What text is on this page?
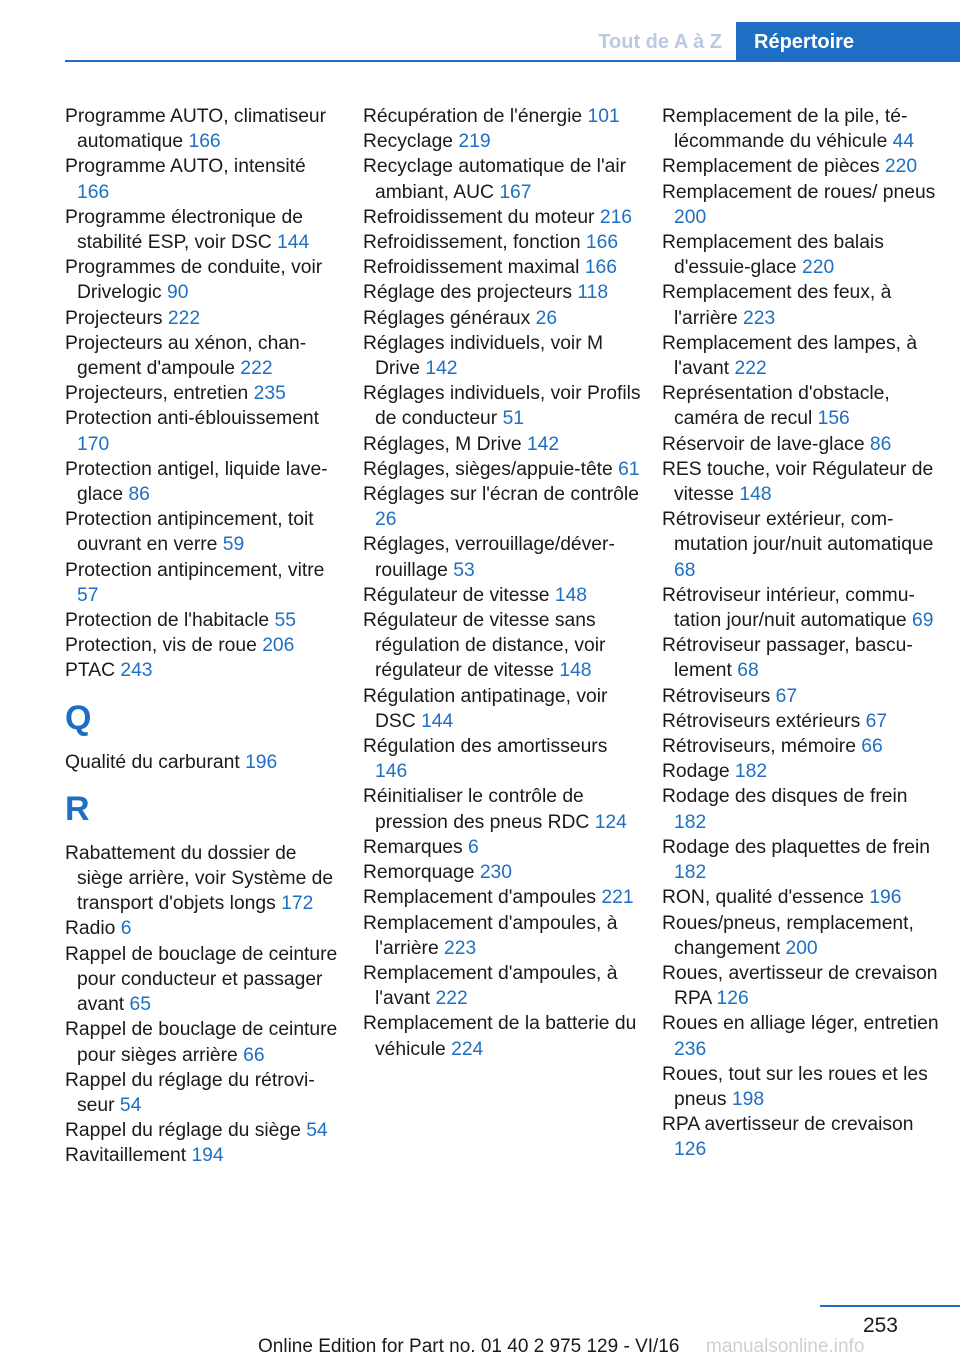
Tout de A à Z	Répertoire
Programme AUTO, climatiseur automatique 166
Programme AUTO, intensité 166
Programme électronique de stabilité ESP, voir DSC 144
Programmes de conduite, voir Drivelogic 90
Projecteurs 222
Projecteurs au xénon, changement d'ampoule 222
Projecteurs, entretien 235
Protection anti-éblouissement 170
Protection antigel, liquide lave-glace 86
Protection antipincement, toit ouvrant en verre 59
Protection antipincement, vitre 57
Protection de l'habitacle 55
Protection, vis de roue 206
PTAC 243
Q
Qualité du carburant 196
R
Rabattement du dossier de siège arrière, voir Système de transport d'objets longs 172
Radio 6
Rappel de bouclage de ceinture pour conducteur et passager avant 65
Rappel de bouclage de ceinture pour sièges arrière 66
Rappel du réglage du rétroviseur 54
Rappel du réglage du siège 54
Ravitaillement 194
Récupération de l'énergie 101
Recyclage 219
Recyclage automatique de l'air ambiant, AUC 167
Refroidissement du moteur 216
Refroidissement, fonction 166
Refroidissement maximal 166
Réglage des projecteurs 118
Réglages généraux 26
Réglages individuels, voir M Drive 142
Réglages individuels, voir Profils de conducteur 51
Réglages, M Drive 142
Réglages, sièges/appuie-tête 61
Réglages sur l'écran de contrôle 26
Réglages, verrouillage/déverrouillage 53
Régulateur de vitesse 148
Régulateur de vitesse sans régulation de distance, voir régulateur de vitesse 148
Régulation antipatinage, voir DSC 144
Régulation des amortisseurs 146
Réinitialiser le contrôle de pression des pneus RDC 124
Remarques 6
Remorquage 230
Remplacement d'ampoules 221
Remplacement d'ampoules, à l'arrière 223
Remplacement d'ampoules, à l'avant 222
Remplacement de la batterie du véhicule 224
Remplacement de la pile, télécommande du véhicule 44
Remplacement de pièces 220
Remplacement de roues/ pneus 200
Remplacement des balais d'essuie-glace 220
Remplacement des feux, à l'arrière 223
Remplacement des lampes, à l'avant 222
Représentation d'obstacle, caméra de recul 156
Réservoir de lave-glace 86
RES touche, voir Régulateur de vitesse 148
Rétroviseur extérieur, commutation jour/nuit automatique 68
Rétroviseur intérieur, commutation jour/nuit automatique 69
Rétroviseur passager, basculement 68
Rétroviseurs 67
Rétroviseurs extérieurs 67
Rétroviseurs, mémoire 66
Rodage 182
Rodage des disques de frein 182
Rodage des plaquettes de frein 182
RON, qualité d'essence 196
Roues/pneus, remplacement, changement 200
Roues, avertisseur de crevaison RPA 126
Roues en alliage léger, entretien 236
Roues, tout sur les roues et les pneus 198
RPA avertisseur de crevaison 126
253
Online Edition for Part no. 01 40 2 975 129 - VI/16 manualsonline.info
